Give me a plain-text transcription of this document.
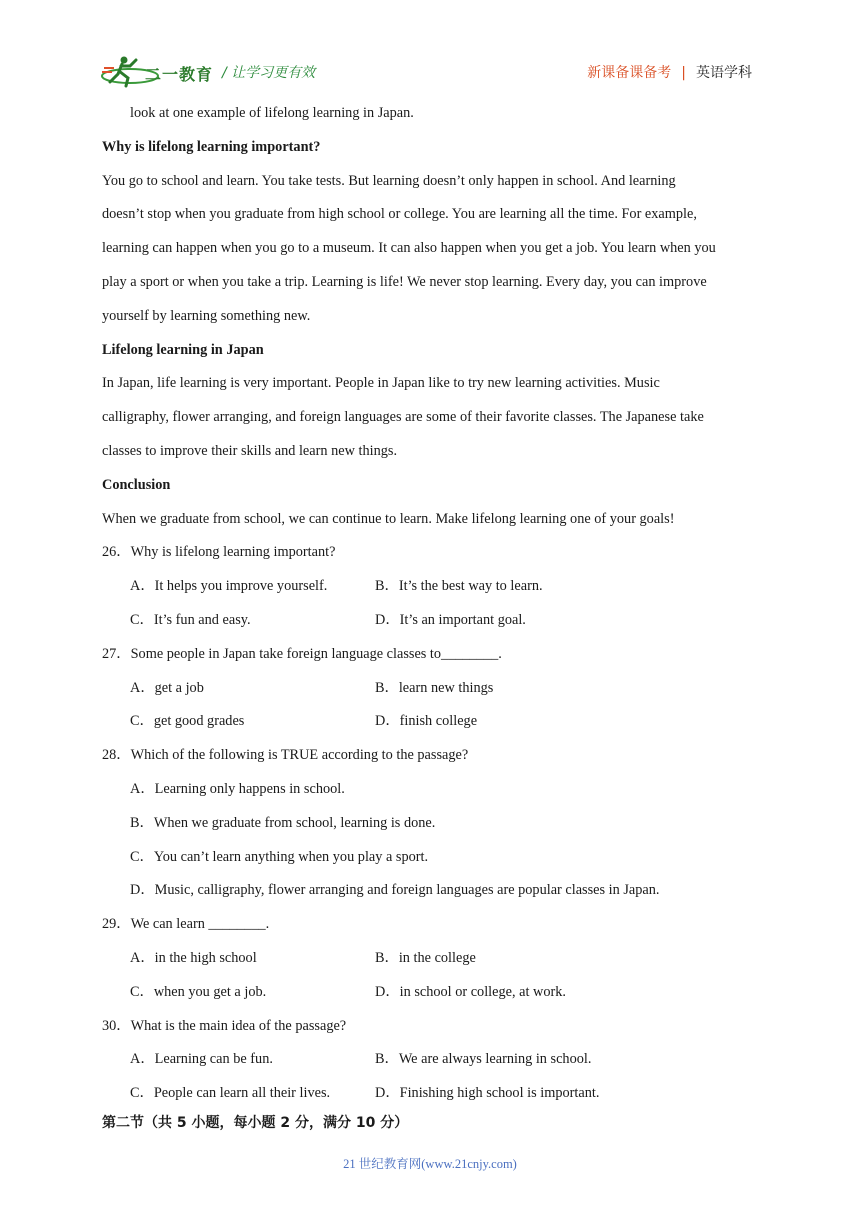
二一教育 / 让学习更有效	新课备课备考 | 英语学科
look at one example of lifelong learning in Japan.
Why is lifelong learning important?
You go to school and learn. You take tests. But learning doesn’t only happen in school. And learning
doesn’t stop when you graduate from high school or college. You are learning all the time. For example,
learning can happen when you go to a museum. It can also happen when you get a job. You learn when you
play a sport or when you take a trip. Learning is life! We never stop learning. Every day, you can improve
yourself by learning something new.
Lifelong learning in Japan
In Japan, life learning is very important. People in Japan like to try new learning activities. Music
calligraphy, flower arranging, and foreign languages are some of their favorite classes. The Japanese take
classes to improve their skills and learn new things.
Conclusion
When we graduate from school, we can continue to learn. Make lifelong learning one of your goals!
26．Why is lifelong learning important?
A．It helps you improve yourself.	B．It’s the best way to learn.
C．It’s fun and easy.	D．It’s an important goal.
27．Some people in Japan take foreign language classes to________.
A．get a job	B．learn new things
C．get good grades	D．finish college
28．Which of the following is TRUE according to the passage?
A．Learning only happens in school.
B．When we graduate from school, learning is done.
C．You can’t learn anything when you play a sport.
D．Music, calligraphy, flower arranging and foreign languages are popular classes in Japan.
29．We can learn ________.
A．in the high school	B．in the college
C．when you get a job.	D．in school or college, at work.
30．What is the main idea of the passage?
A．Learning can be fun.	B．We are always learning in school.
C．People can learn all their lives.	D．Finishing high school is important.
第二节（共 5 小题，每小题 2 分，满分 10 分）
21 世纪教育网(www.21cnjy.com)
